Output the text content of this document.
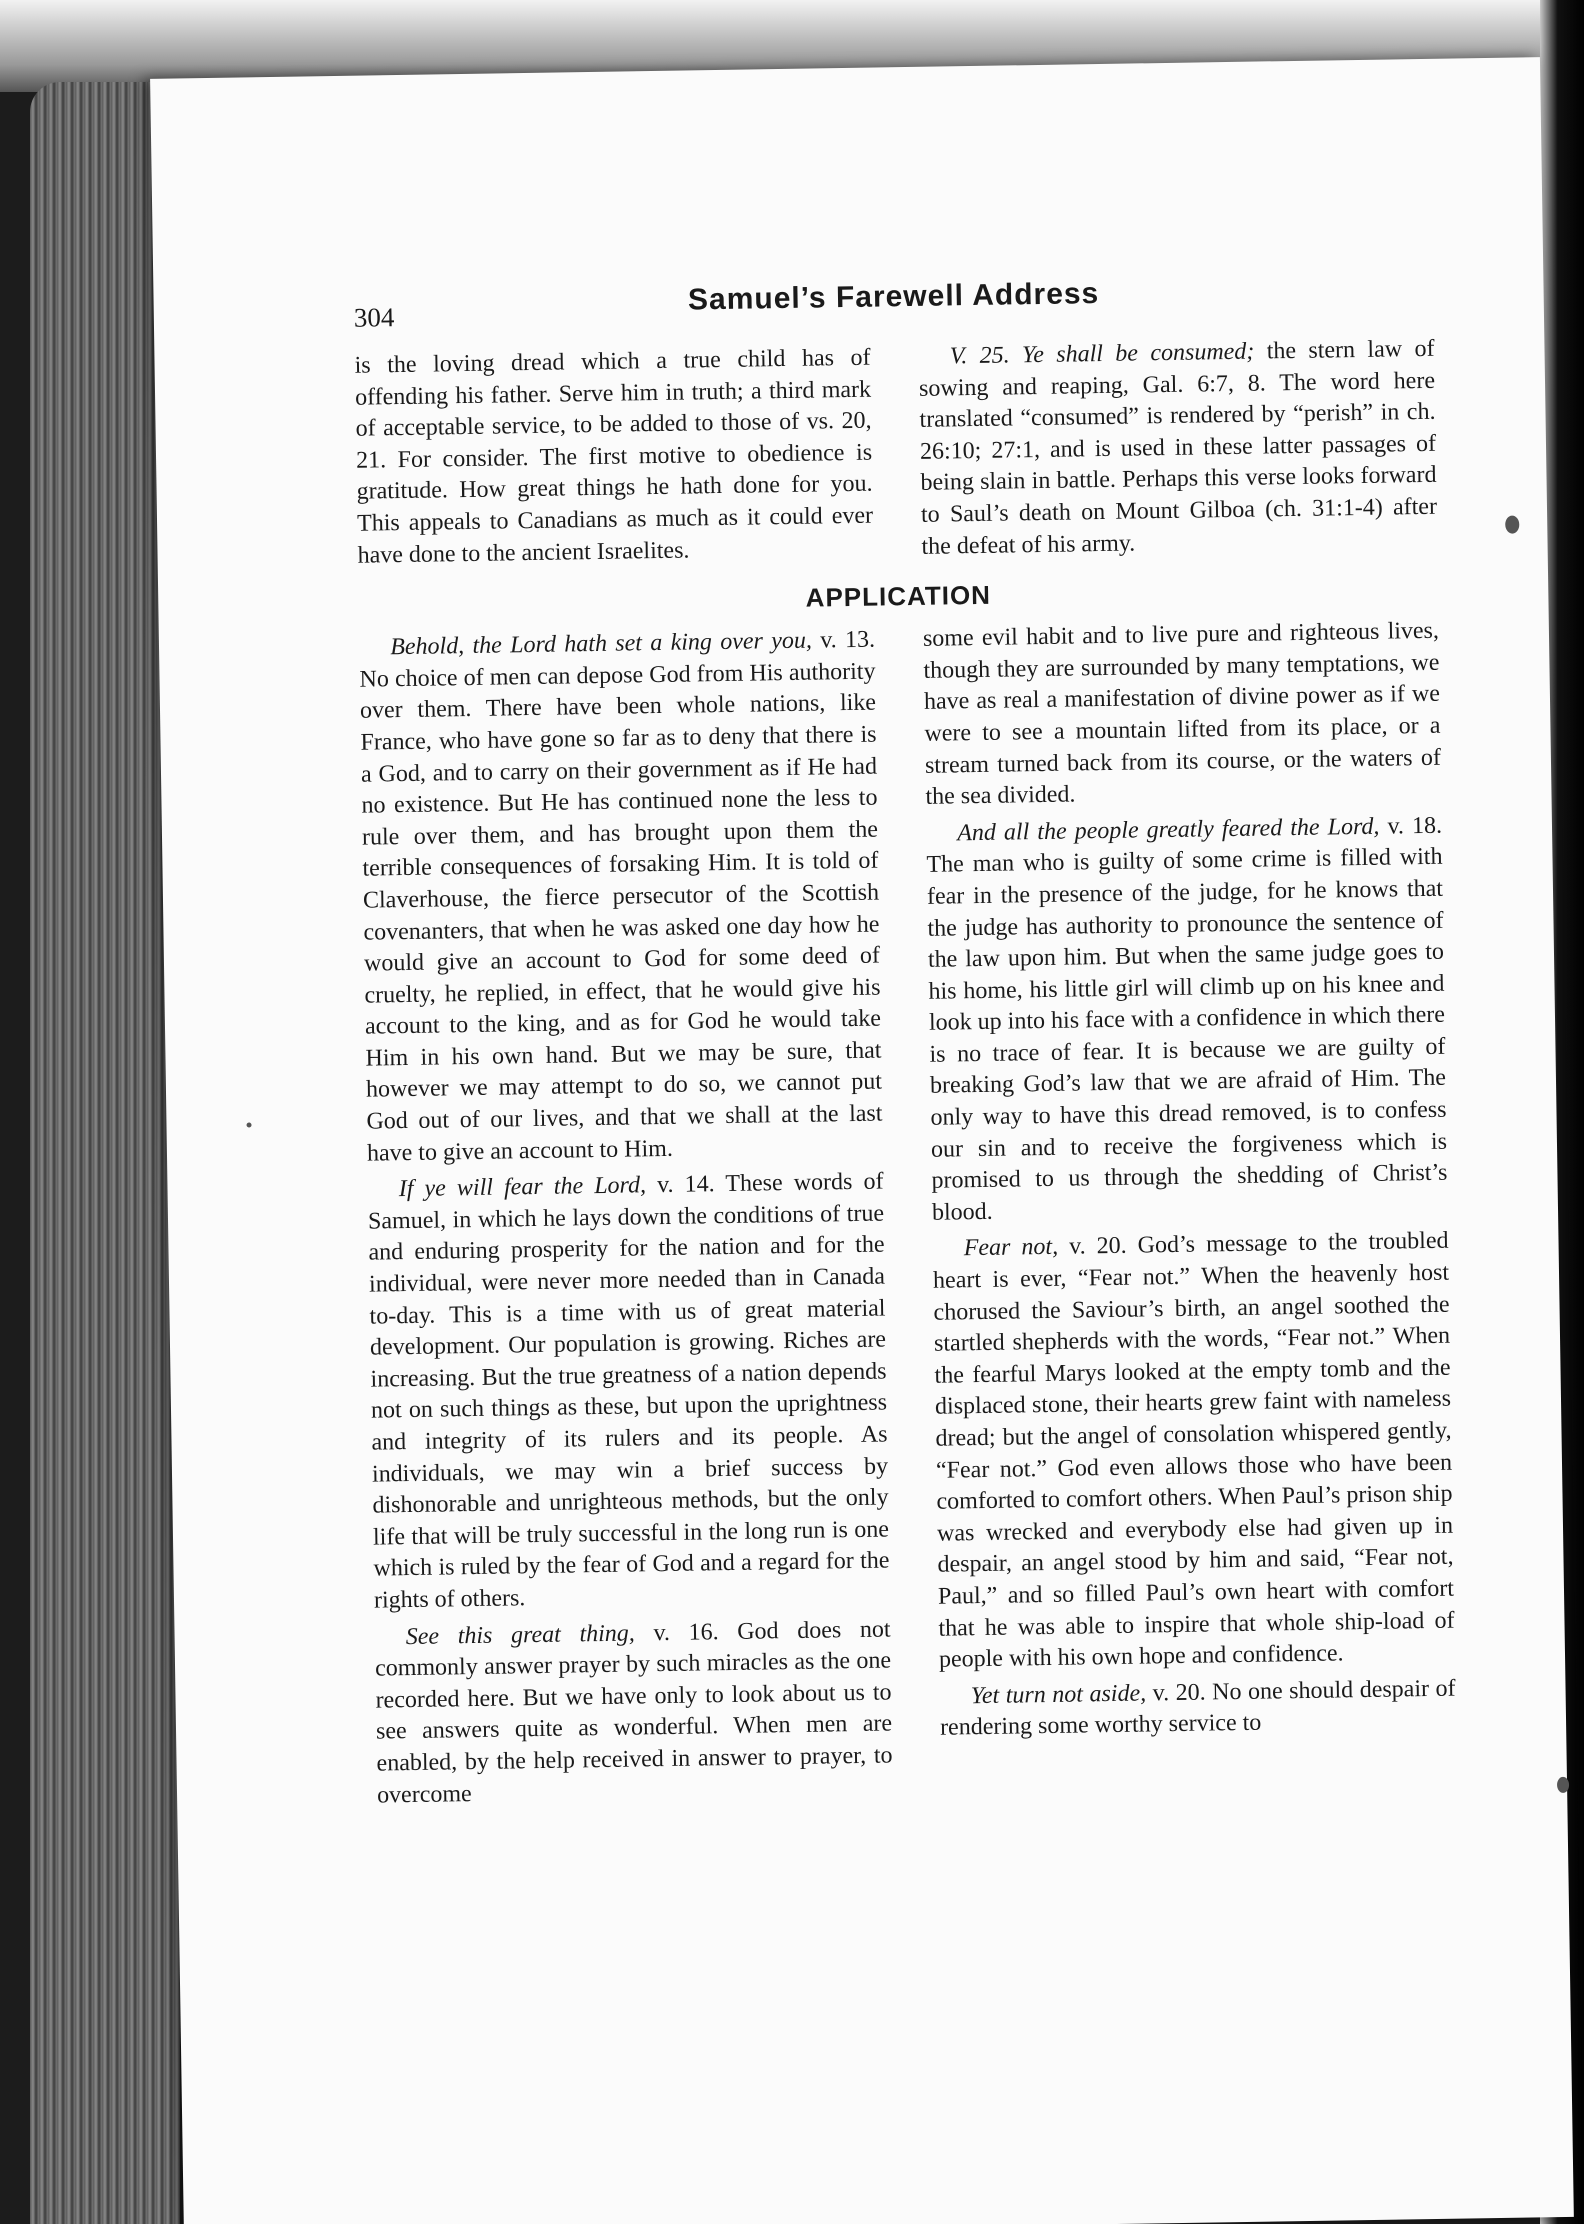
304
Samuel’s Farewell Address

is the loving dread which a true child has of offending his father. Serve him in truth; a third mark of acceptable service, to be added to those of vs. 20, 21. For consider. The first motive to obedience is gratitude. How great things he hath done for you. This appeals to Canadians as much as it could ever have done to the ancient Israelites.

V. 25. Ye shall be consumed; the stern law of sowing and reaping, Gal. 6:7, 8. The word here translated “consumed” is rendered by “perish” in ch. 26:10; 27:1, and is used in these latter passages of being slain in battle. Perhaps this verse looks forward to Saul’s death on Mount Gilboa (ch. 31:1-4) after the defeat of his army.

APPLICATION

Behold, the Lord hath set a king over you, v. 13. No choice of men can depose God from His authority over them. There have been whole nations, like France, who have gone so far as to deny that there is a God, and to carry on their government as if He had no existence. But He has continued none the less to rule over them, and has brought upon them the terrible consequences of forsaking Him. It is told of Claverhouse, the fierce persecutor of the Scottish covenanters, that when he was asked one day how he would give an account to God for some deed of cruelty, he replied, in effect, that he would give his account to the king, and as for God he would take Him in his own hand. But we may be sure, that however we may attempt to do so, we cannot put God out of our lives, and that we shall at the last have to give an account to Him.

If ye will fear the Lord, v. 14. These words of Samuel, in which he lays down the conditions of true and enduring prosperity for the nation and for the individual, were never more needed than in Canada to-day. This is a time with us of great material development. Our population is growing. Riches are increasing. But the true greatness of a nation depends not on such things as these, but upon the uprightness and integrity of its rulers and its people. As individuals, we may win a brief success by dishonorable and unrighteous methods, but the only life that will be truly successful in the long run is one which is ruled by the fear of God and a regard for the rights of others.

See this great thing, v. 16. God does not commonly answer prayer by such miracles as the one recorded here. But we have only to look about us to see answers quite as wonderful. When men are enabled, by the help received in answer to prayer, to overcome

some evil habit and to live pure and righteous lives, though they are surrounded by many temptations, we have as real a manifestation of divine power as if we were to see a mountain lifted from its place, or a stream turned back from its course, or the waters of the sea divided.

And all the people greatly feared the Lord, v. 18. The man who is guilty of some crime is filled with fear in the presence of the judge, for he knows that the judge has authority to pronounce the sentence of the law upon him. But when the same judge goes to his home, his little girl will climb up on his knee and look up into his face with a confidence in which there is no trace of fear. It is because we are guilty of breaking God’s law that we are afraid of Him. The only way to have this dread removed, is to confess our sin and to receive the forgiveness which is promised to us through the shedding of Christ’s blood.

Fear not, v. 20. God’s message to the troubled heart is ever, “Fear not.” When the heavenly host chorused the Saviour’s birth, an angel soothed the startled shepherds with the words, “Fear not.” When the fearful Marys looked at the empty tomb and the displaced stone, their hearts grew faint with nameless dread; but the angel of consolation whispered gently, “Fear not.” God even allows those who have been comforted to comfort others. When Paul’s prison ship was wrecked and everybody else had given up in despair, an angel stood by him and said, “Fear not, Paul,” and so filled Paul’s own heart with comfort that he was able to inspire that whole ship-load of people with his own hope and confidence.

Yet turn not aside, v. 20. No one should despair of rendering some worthy service to
